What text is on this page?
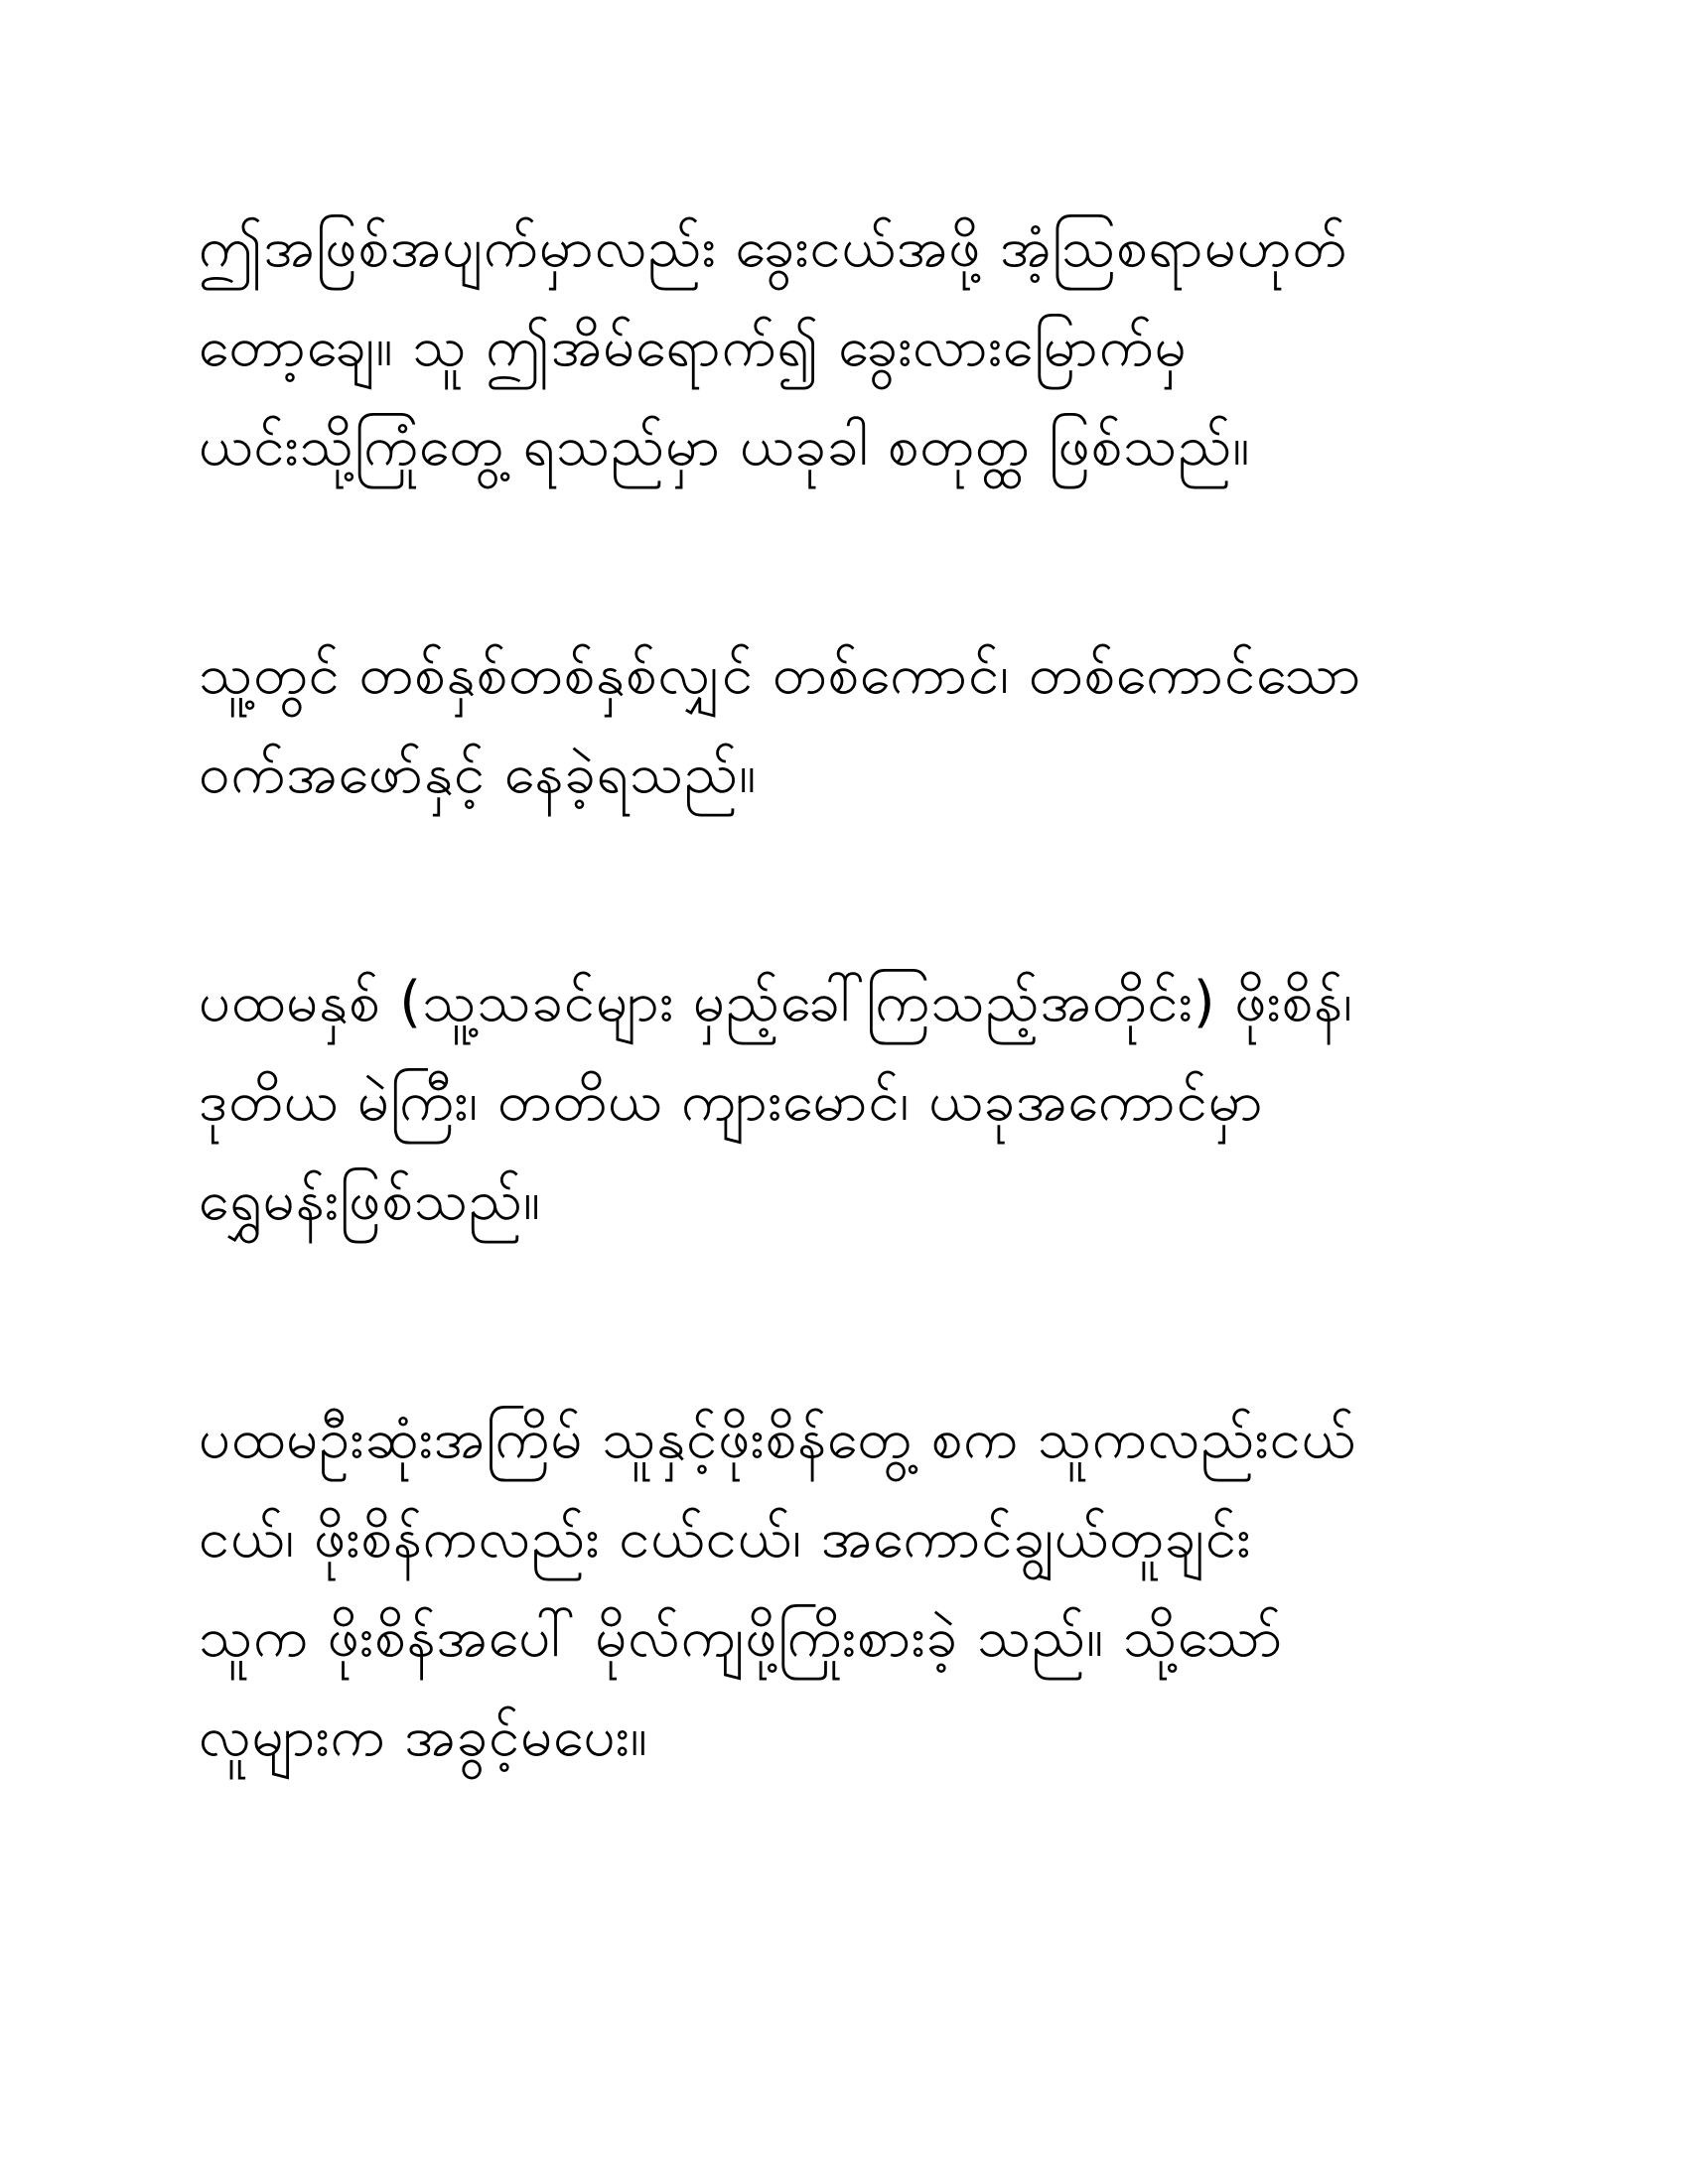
ဤအဖြစ်အပျက်မှာလည်း ခွေးငယ်အဖို့ အံ့သြစရာမဟုတ်
တော့ချေ။ သူ ဤအိမ်ရောက်၍ ခွေးလားမြောက်မှ
ယင်းသို့ကြုံတွေ့ ရသည်မှာ ယခုခါ စတုတ္ထ ဖြစ်သည်။
သူ့တွင် တစ်နှစ်တစ်နှစ်လျှင် တစ်ကောင်၊ တစ်ကောင်သော
ဝက်အဖော်နှင့် နေခဲ့ရသည်။
ပထမနှစ် (သူ့သခင်များ မှည့်ခေါ်ကြသည့်အတိုင်း) ဖိုးစိန်၊
ဒုတိယ မဲကြီး၊ တတိယ ကျားမောင်၊ ယခုအကောင်မှာ
ရွှေမန်းဖြစ်သည်။
ပထမဦးဆုံးအကြိမ် သူနှင့်ဖိုးစိန်တွေ့ စက သူကလည်းငယ်
ငယ်၊ ဖိုးစိန်ကလည်း ငယ်ငယ်၊ အကောင်ချွယ်တူချင်း
သူက ဖိုးစိန်အပေါ် မိုလ်ကျဖို့ကြိုးစားခဲ့ သည်။ သို့သော်
လူများက အခွင့်မပေး။
